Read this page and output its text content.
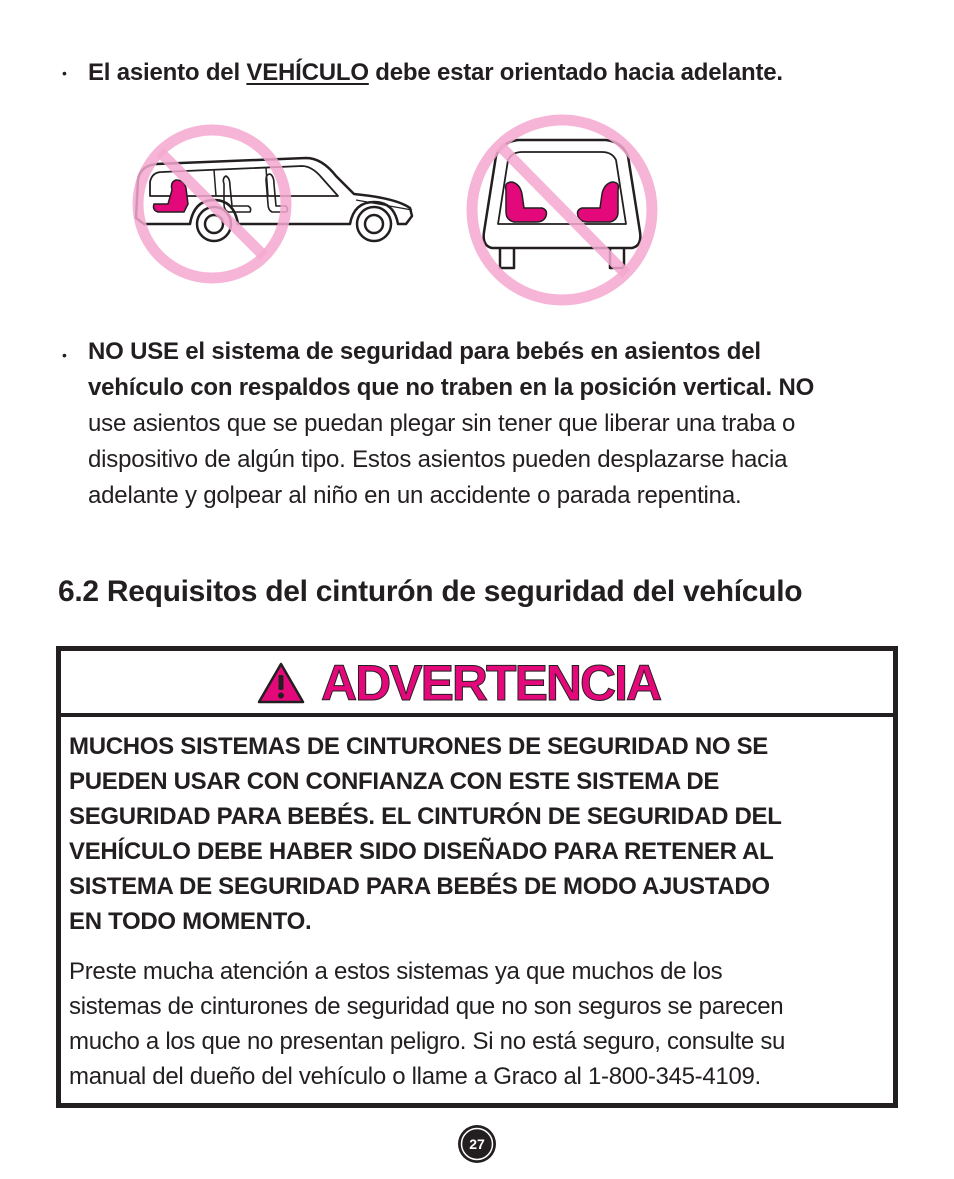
• El asiento del VEHÍCULO debe estar orientado hacia adelante.
• NO USE el sistema de seguridad para bebés en asientos del
vehículo con respaldos que no traben en la posición vertical. NO
use asientos que se puedan plegar sin tener que liberar una traba o
dispositivo de algún tipo. Estos asientos pueden desplazarse hacia
adelante y golpear al niño en un accidente o parada repentina.
6.2 Requisitos del cinturón de seguridad del vehículo
ADVERTENCIA
MUCHOS SISTEMAS DE CINTURONES DE SEGURIDAD NO SE
PUEDEN USAR CON CONFIANZA CON ESTE SISTEMA DE
SEGURIDAD PARA BEBÉS. EL CINTURÓN DE SEGURIDAD DEL
VEHÍCULO DEBE HABER SIDO DISEÑADO PARA RETENER AL
SISTEMA DE SEGURIDAD PARA BEBÉS DE MODO AJUSTADO
EN TODO MOMENTO.
Preste mucha atención a estos sistemas ya que muchos de los
sistemas de cinturones de seguridad que no son seguros se parecen
mucho a los que no presentan peligro. Si no está seguro, consulte su
manual del dueño del vehículo o llame a Graco al 1-800-345-4109.
27
